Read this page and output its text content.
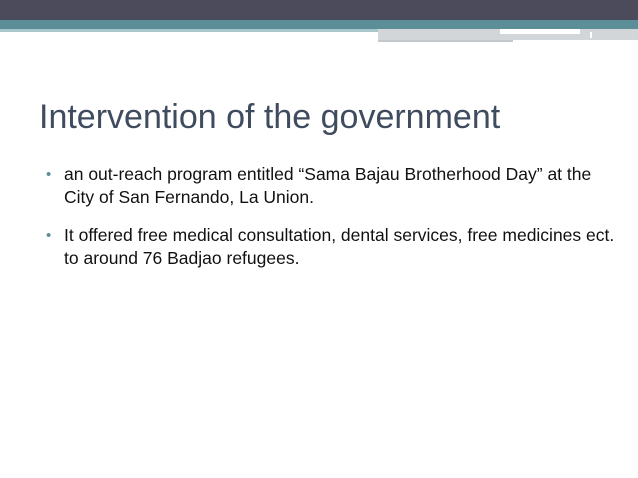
Intervention of the government
• an out-reach program entitled “Sama Bajau Brotherhood Day” at the City of San Fernando, La Union.
• It offered free medical consultation, dental services, free medicines ect. to around 76 Badjao refugees.
